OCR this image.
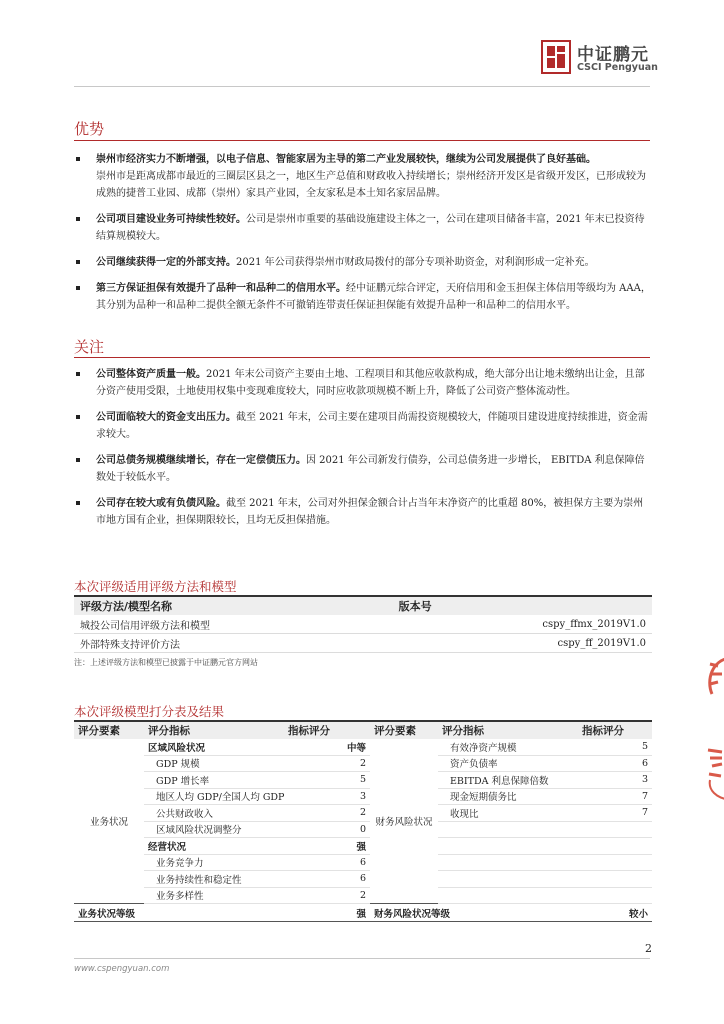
中证鹏元
CSCI Pengyuan
优势
崇州市经济实力不断增强，以电子信息、智能家居为主导的第二产业发展较快，继续为公司发展提供了良好基础。
崇州市是距离成都市最近的三圈层区县之一，地区生产总值和财政收入持续增长；崇州经济开发区是省级开发区，已形成较为成熟的捷普工业园、成都（崇州）家具产业园，全友家私是本土知名家居品牌。
公司项目建设业务可持续性较好。公司是崇州市重要的基础设施建设主体之一，公司在建项目储备丰富，2021 年末已投资待结算规模较大。
公司继续获得一定的外部支持。2021 年公司获得崇州市财政局拨付的部分专项补助资金，对利润形成一定补充。
第三方保证担保有效提升了品种一和品种二的信用水平。经中证鹏元综合评定，天府信用和金玉担保主体信用等级均为 AAA，其分别为品种一和品种二提供全额无条件不可撤销连带责任保证担保能有效提升品种一和品种二的信用水平。
关注
公司整体资产质量一般。2021 年末公司资产主要由土地、工程项目和其他应收款构成，绝大部分出让地未缴纳出让金，且部分资产使用受限，土地使用权集中变现难度较大，同时应收款项规模不断上升，降低了公司资产整体流动性。
公司面临较大的资金支出压力。截至 2021 年末，公司主要在建项目尚需投资规模较大，伴随项目建设进度持续推进，资金需求较大。
公司总债务规模继续增长，存在一定偿债压力。因 2021 年公司新发行债券，公司总债务进一步增长， EBITDA 利息保障倍数处于较低水平。
公司存在较大或有负债风险。截至 2021 年末，公司对外担保金额合计占当年末净资产的比重超 80%，被担保方主要为崇州市地方国有企业，担保期限较长，且均无反担保措施。
本次评级适用评级方法和模型
评级方法/模型名称	版本号
城投公司信用评级方法和模型	cspy_ffmx_2019V1.0
外部特殊支持评价方法	cspy_ff_2019V1.0
注：上述评级方法和模型已披露于中证鹏元官方网站
本次评级模型打分表及结果
评分要素	评分指标	指标评分	评分要素	评分指标	指标评分
业务状况	区域风险状况	中等	财务风险状况	有效净资产规模	5
	GDP 规模	2		资产负债率	6
	GDP 增长率	5		EBITDA 利息保障倍数	3
	地区人均 GDP/全国人均 GDP	3		现金短期债务比	7
	公共财政收入	2		收现比	7
	区域风险状况调整分	0			
	经营状况	强			
	业务竞争力	6			
	业务持续性和稳定性	6			
	业务多样性	2			
业务状况等级		强	财务风险状况等级		较小
2
www.cspengyuan.com
